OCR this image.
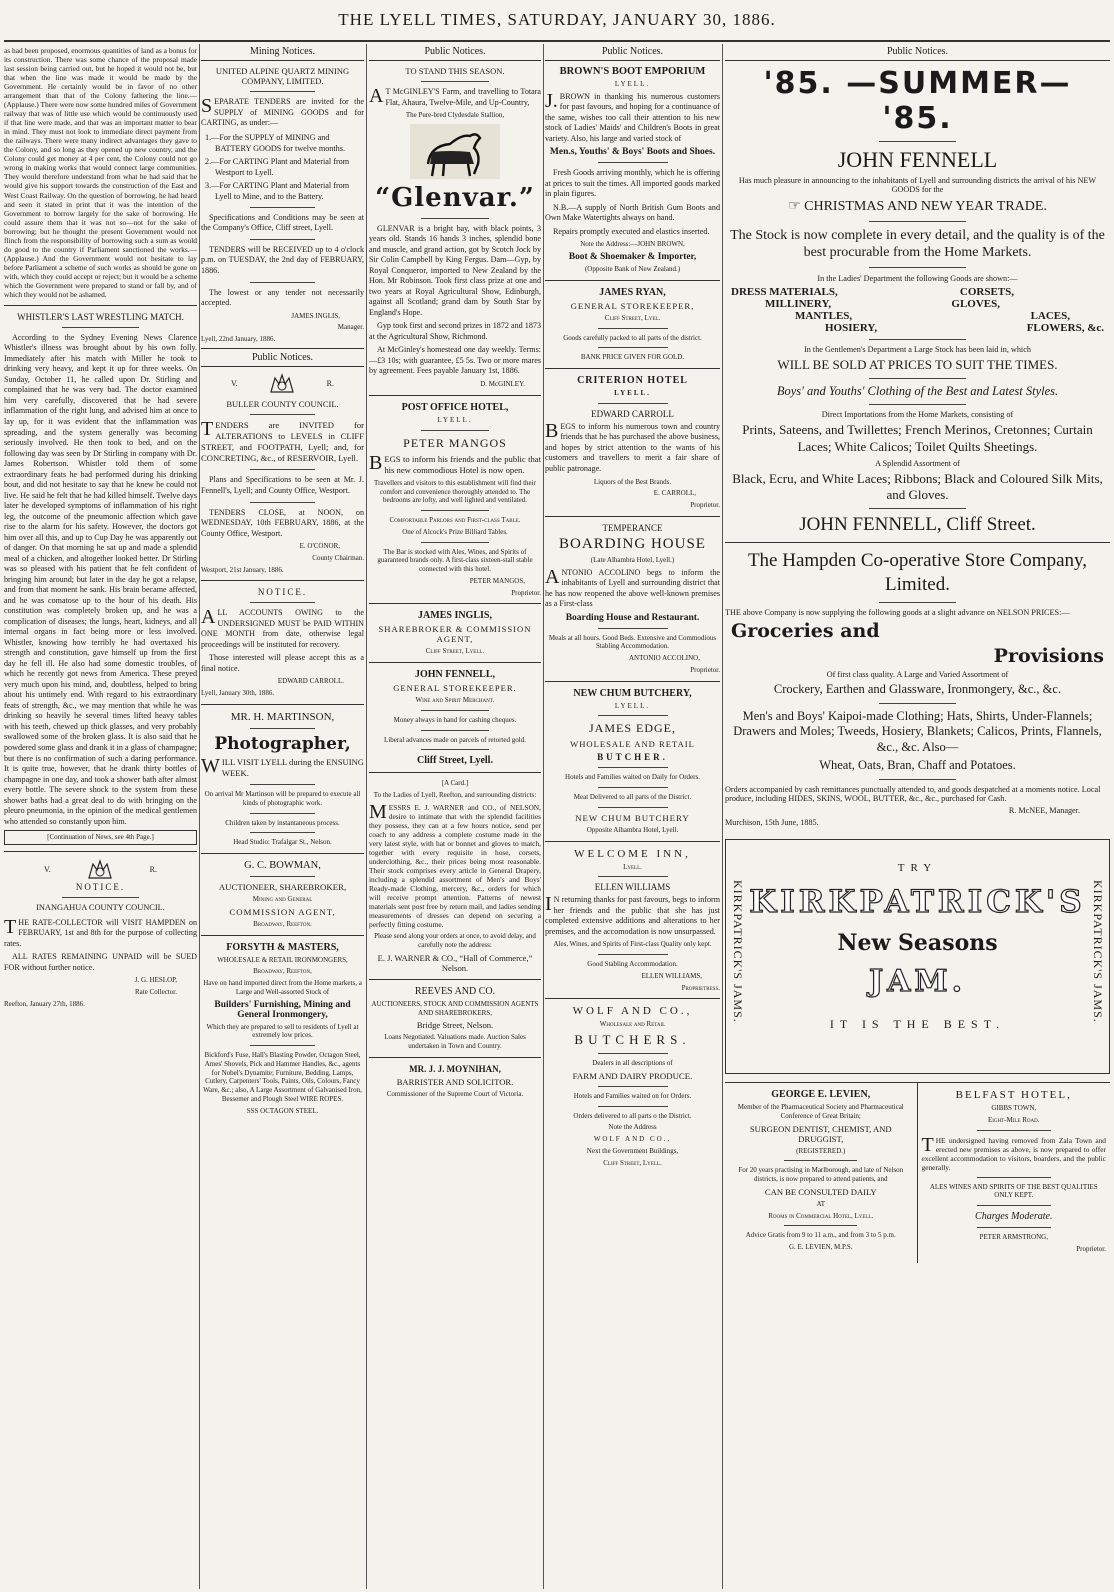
THE LYELL TIMES, SATURDAY, JANUARY 30, 1886.

as had been proposed, enormous quantities of land as a bonus for its construction. There was some chance of the proposal made last session being carried out, but he hoped it would not be, but that when the line was made it would be made by the Government. He certainly would be in favor of no other arrangement than that of the Colony fathering the line.—(Applause.) There were now some hundred miles of Government railway that was of little use which would be continuously used if that line were made, and that was an important matter to bear in mind. They must not look to immediate direct payment from the railways. There were many indirect advantages they gave to the Colony, and so long as they opened up new country, and the Colony could get money at 4 per cent, the Colony could not go wrong in making works that would connect large communities. They would therefore understand from what he had said that he would give his support towards the construction of the East and West Coast Railway. On the question of borrowing, he had heard and seen it stated in print that it was the intention of the Government to borrow largely for the sake of borrowing. He could assure them that it was not so—not for the sake of borrowing; but he thought the present Government would not flinch from the responsibility of borrowing such a sum as would do good to the country if Parliament sanctioned the works.—(Applause.) And the Government would not hesitate to lay before Parliament a scheme of such works as should be gone on with, which they could accept or reject; but it would be a scheme which the Government were prepared to stand or fall by, and of which they would not be ashamed.

WHISTLER'S LAST WRESTLING MATCH.

According to the Sydney Evening News Clarence Whistler's illness was brought about by his own folly. Immediately after his match with Miller he took to drinking very heavy, and kept it up for three weeks. On Sunday, October 11, he called upon Dr. Stirling and complained that he was very bad. The doctor examined him very carefully, discovered that he had severe inflammation of the right lung, and advised him at once to lay up, for it was evident that the inflammation was spreading, and the system generally was becoming seriously involved. He then took to bed, and on the following day was seen by Dr Stirling in company with Dr. James Robertson. Whistler told them of some extraordinary feats he had performed during his drinking bout, and did not hesitate to say that he knew he could not live. He said he felt that he had killed himself. Twelve days later he developed symptoms of inflammation of his right leg, the outcome of the pneumonic affection which gave rise to the alarm for his safety. However, the doctors got him over all this, and up to Cup Day he was apparently out of danger. On that morning he sat up and made a splendid meal of a chicken, and altogether looked better. Dr Stirling was so pleased with his patient that he felt confident of bringing him around; but later in the day he got a relapse, and from that moment he sank. His brain became affected, and he was comatose up to the hour of his death. His constitution was completely broken up, and he was a complication of diseases; the lungs, heart, kidneys, and all internal organs in fact being more or less involved. Whistler, knowing how terribly he had overtaxed his strength and constitution, gave himself up from the first day he fell ill. He also had some domestic troubles, of which he recently got news from America. These preyed very much upon his mind, and, doubtless, helped to bring about his untimely end. With regard to his extraordinary feats of strength, &c., we may mention that while he was drinking so heavily he several times lifted heavy tables with his teeth, chewed up thick glasses, and very probably swallowed some of the broken glass. It is also said that he powdered some glass and drank it in a glass of champagne; but there is no confirmation of such a daring performance. It is quite true, however, that he drank thirty bottles of champagne in one day, and took a shower bath after almost every bottle. The severe shock to the system from these shower baths had a great deal to do with bringing on the pleuro pneumonia, in the opinion of the medical gentlemen who attended so constantly upon him.

[Continuation of News, see 4th Page.]

V.	R.

NOTICE.

INANGAHUA COUNTY COUNCIL.

THE RATE-COLLECTOR will VISIT HAMPDEN on FEBRUARY, 1st and 8th for the purpose of collecting rates.

ALL RATES REMAINING UNPAID will be SUED FOR without further notice.

J. G. HESLOP,

Rate Collector.

Reefton, January 27th, 1886.

Mining Notices.

UNITED ALPINE QUARTZ MINING COMPANY, LIMITED.

SEPARATE TENDERS are invited for the SUPPLY of MINING GOODS and for CARTING, as under:—

1.—For the SUPPLY of MINING and BATTERY GOODS for twelve months.

2.—For CARTING Plant and Material from Westport to Lyell.

3.—For CARTING Plant and Material from Lyell to Mine, and to the Battery.

Specifications and Conditions may be seen at the Company's Office, Cliff street, Lyell.

TENDERS will be RECEIVED up to 4 o'clock p.m. on TUESDAY, the 2nd day of FEBRUARY, 1886.

The lowest or any tender not necessarily accepted.

JAMES INGLIS,

Manager.

Lyell, 22nd January, 1886.

Public Notices.
V.	R.

BULLER COUNTY COUNCIL.

TENDERS are INVITED for ALTERATIONS to LEVELS in CLIFF STREET, and FOOTPATH, Lyell; and, for CONCRETING, &c., of RESERVOIR, Lyell.

Plans and Specifications to be seen at Mr. J. Fennell's, Lyell; and County Office, Westport.

TENDERS CLOSE, at NOON, on WEDNESDAY, 10th FEBRUARY, 1886, at the County Office, Westport.

E. O'CONOR,

County Chairman.

Westport, 21st January, 1886.

NOTICE.

ALL ACCOUNTS OWING to the UNDERSIGNED MUST be PAID WITHIN ONE MONTH from date, otherwise legal proceedings will be instituted for recovery.

Those interested will please accept this as a final notice.

EDWARD CARROLL.

Lyell, January 30th, 1886.

MR. H. MARTINSON,

Photographer,

WILL VISIT LYELL during the ENSUING WEEK.

On arrival Mr Martinson will be prepared to execute all kinds of photographic work.

Children taken by instantaneous process.

Head Studio: Trafalgar St., Nelson.

G. C. BOWMAN,

AUCTIONEER, SHAREBROKER,

Mining and General

COMMISSION AGENT,

Broadway, Reefton.

FORSYTH & MASTERS,

WHOLESALE & RETAIL IRONMONGERS,

Broadway, Reefton,

Have on hand imported direct from the Home markets, a Large and Well-assorted Stock of

Builders' Furnishing, Mining and General Ironmongery,

Which they are prepared to sell to residents of Lyell at extremely low prices.

Bickford's Fuse, Hall's Blasting Powder, Octagon Steel, Ames' Shovels, Pick and Hammer Handles, &c., agents for Nobel's Dynamite; Furniture, Bedding, Lamps, Cutlery, Carpenters' Tools, Paints, Oils, Colours, Fancy Ware, &c.; also, A Large Assortment of Galvanised Iron, Bessemer and Plough Steel WIRE ROPES.

SSS OCTAGON STEEL.

Public Notices.

TO STAND THIS SEASON.

AT McGINLEY'S Farm, and travelling to Totara Flat, Ahaura, Twelve-Mile, and Up-Country,

The Pure-bred Clydesdale Stallion,

“Glenvar.”

GLENVAR is a bright bay, with black points, 3 years old. Stands 16 hands 3 inches, splendid bone and muscle, and grand action, got by Scotch Jock by Sir Colin Campbell by King Fergus. Dam—Gyp, by Royal Conqueror, imported to New Zealand by the Hon. Mr Robinson. Took first class prize at one and two years at Royal Agricultural Show, Edinburgh, against all Scotland; grand dam by South Star by England's Hope.

Gyp took first and second prizes in 1872 and 1873 at the Agricultural Show, Richmond.

At McGinley's homestead one day weekly. Terms:—£3 10s; with guarantee, £5 5s. Two or more mares by agreement. Fees payable January 1st, 1886.

D. McGINLEY.

POST OFFICE HOTEL,

LYELL.

PETER MANGOS

BEGS to inform his friends and the public that his new commodious Hotel is now open.

Travellers and visitors to this establishment will find their comfort and convenience thoroughly attended to. The bedrooms are lofty, and well lighted and ventilated.

Comfortable Parlors and First-class Table.

One of Alcock's Prize Billiard Tables.

The Bar is stocked with Ales, Wines, and Spirits of guaranteed brands only. A first-class sixteen-stall stable connected with this hotel.

PETER MANGOS,

Proprietor.

JAMES INGLIS,

SHAREBROKER & COMMISSION AGENT,

Cliff Street, Lyell.

JOHN FENNELL,

GENERAL STOREKEEPER.

Wine and Spirit Merchant.

Money always in hand for cashing cheques.

Liberal advances made on parcels of retorted gold.

Cliff Street, Lyell.

[A Card.]

To the Ladies of Lyell, Reefton, and surrounding districts:

MESSRS E. J. WARNER and CO., of NELSON, desire to intimate that with the splendid facilities they possess, they can at a few hours notice, send per coach to any address a complete costume made in the very latest style, with hat or bonnet and gloves to match, together with every requisite in hose, corsets, underclothing, &c., their prices being most reasonable. Their stock comprises every article in General Drapery, including a splendid assortment of Men's and Boys' Ready-made Clothing, mercery, &c., orders for which will receive prompt attention. Patterns of newest materials sent post free by return mail, and ladies sending measurements of dresses can depend on securing a perfectly fitting costume.

Please send along your orders at once, to avoid delay, and carefully note the address:

E. J. WARNER & CO., “Hall of Commerce,” Nelson.

REEVES AND CO.

AUCTIONEERS, STOCK AND COMMISSION AGENTS AND SHAREBROKERS,

Bridge Street, Nelson.

Loans Negotiated. Valuations made. Auction Sales undertaken in Town and Country.

MR. J. J. MOYNIHAN,

BARRISTER AND SOLICITOR.

Commissioner of the Supreme Court of Victoria.

Public Notices.

BROWN'S BOOT EMPORIUM

LYELL.

J.BROWN in thanking his numerous customers for past favours, and hoping for a continuance of the same, wishes too call their attention to his new stock of Ladies' Maids' and Children's Boots in great variety. Also, his large and varied stock of

Men.s, Youths' & Boys' Boots and Shoes.

Fresh Goods arriving monthly, which he is offering at prices to suit the times. All imported goods marked in plain figures.

N.B.—A supply of North British Gum Boots and Own Make Watertights always on hand.

Repairs promptly executed and elastics inserted.

Note the Address:—JOHN BROWN,

Boot & Shoemaker & Importer,

(Opposite Bank of New Zealand.)

JAMES RYAN,

GENERAL STOREKEEPER,

Cliff Street, Lyel.

Goods carefully packed to all parts of the district.

BANK PRICE GIVEN FOR GOLD.

CRITERION HOTEL

LYELL.

EDWARD CARROLL

BEGS to inform his numerous town and country friends that he has purchased the above business, and hopes by strict attention to the wants of his customers and travellers to merit a fair share of public patronage.

Liquors of the Best Brands.

E. CARROLL,

Proprietor.

TEMPERANCE

BOARDING HOUSE

(Late Alhambra Hotel, Lyell.)

ANTONIO ACCOLINO begs to inform the inhabitants of Lyell and surrounding district that he has now reopened the above well-known premises as a First-class

Boarding House and Restaurant.

Meals at all hours. Good Beds. Extensive and Commodious Stabling Accommodation.

ANTONIO ACCOLINO,

Proprietor.

NEW CHUM BUTCHERY,

LYELL.

JAMES EDGE,

WHOLESALE AND RETAIL

BUTCHER.

Hotels and Families waited on Daily for Orders.

Meat Delivered to all parts of the District.

NEW CHUM BUTCHERY

Opposite Alhambra Hotel, Lyell.

WELCOME INN,

Lyell.

ELLEN WILLIAMS

IN returning thanks for past favours, begs to inform her friends and the public that she has just completed extensive additions and alterations to her premises, and the accomodation is now unsurpassed.

Ales, Wines, and Spirits of First-class Quality only kept.

Good Stabling Accommodation.

ELLEN WILLIAMS,

Proprietress.

WOLF AND CO.,

Wholesale and Retail

BUTCHERS.

Dealers in all descriptions of

FARM AND DAIRY PRODUCE.

Hotels and Families waited on for Orders.

Orders delivered to all parts o the District.

Note the Address

WOLF AND CO.,

Next the Government Buildings,

Cliff Street, Lyell.

Public Notices.

'85. —SUMMER— '85.

JOHN FENNELL

Has much pleasure in announcing to the inhabitants of Lyell and surrounding districts the arrival of his NEW GOODS for the

☞ CHRISTMAS AND NEW YEAR TRADE.

The Stock is now complete in every detail, and the quality is of the best procurable from the Home Markets.

In the Ladies' Department the following Goods are shown:—

DRESS MATERIALS,	CORSETS,
MILLINERY,	GLOVES,
MANTLES,	LACES,
HOSIERY,	FLOWERS, &c.

In the Gentlemen's Department a Large Stock has been laid in, which

WILL BE SOLD AT PRICES TO SUIT THE TIMES.

Boys' and Youths' Clothing of the Best and Latest Styles.

Direct Importations from the Home Markets, consisting of

Prints, Sateens, and Twillettes; French Merinos, Cretonnes; Curtain Laces; White Calicos; Toilet Quilts Sheetings.

A Splendid Assortment of

Black, Ecru, and White Laces; Ribbons; Black and Coloured Silk Mits, and Gloves.

JOHN FENNELL, Cliff Street.

The Hampden Co-operative Store Company, Limited.

THE above Company is now supplying the following goods at a slight advance on NELSON PRICES:—

Groceries and

Provisions

Of first class quality. A Large and Varied Assortment of

Crockery, Earthen and Glassware, Ironmongery, &c., &c.

Men's and Boys' Kaipoi-made Clothing; Hats, Shirts, Under-Flannels; Drawers and Moles; Tweeds, Hosiery, Blankets; Calicos, Prints, Flannels, &c., &c. Also—

Wheat, Oats, Bran, Chaff and Potatoes.

Orders accompanied by cash remittances punctually attended to, and goods despatched at a moments notice. Local produce, including HIDES, SKINS, WOOL, BUTTER, &c., &c., purchased for Cash.

R. McNEE, Manager.

Murchison, 15th June, 1885.

KIRKPATRICK'S JAMS.	KIRKPATRICK'S JAMS.

TRY

KIRKPATRICK'S

New Seasons

JAM.

IT IS THE BEST.

GEORGE E. LEVIEN,

Member of the Pharmaceutical Society and Pharmaceutical Conference of Great Britain;

SURGEON DENTIST, CHEMIST, AND DRUGGIST,

(REGISTERED.)

For 20 years practising in Marlborough, and late of Nelson districts, is now prepared to attend patients, and

CAN BE CONSULTED DAILY

AT

Rooms in Commercial Hotel, Lyell.

Advice Gratis from 9 to 11 a.m., and from 3 to 5 p.m.

G. E. LEVIEN, M.P.S.

BELFAST HOTEL,

GIBBS TOWN,

Eight-Mile Road.

THE undersigned having removed from Zala Town and erected new premises as above, is now prepared to offer excellent accommodation to visitors, boarders, and the public generally.

ALES WINES AND SPIRITS OF THE BEST QUALITIES ONLY KEPT.

Charges Moderate.

PETER ARMSTRONG,

Proprietor.
